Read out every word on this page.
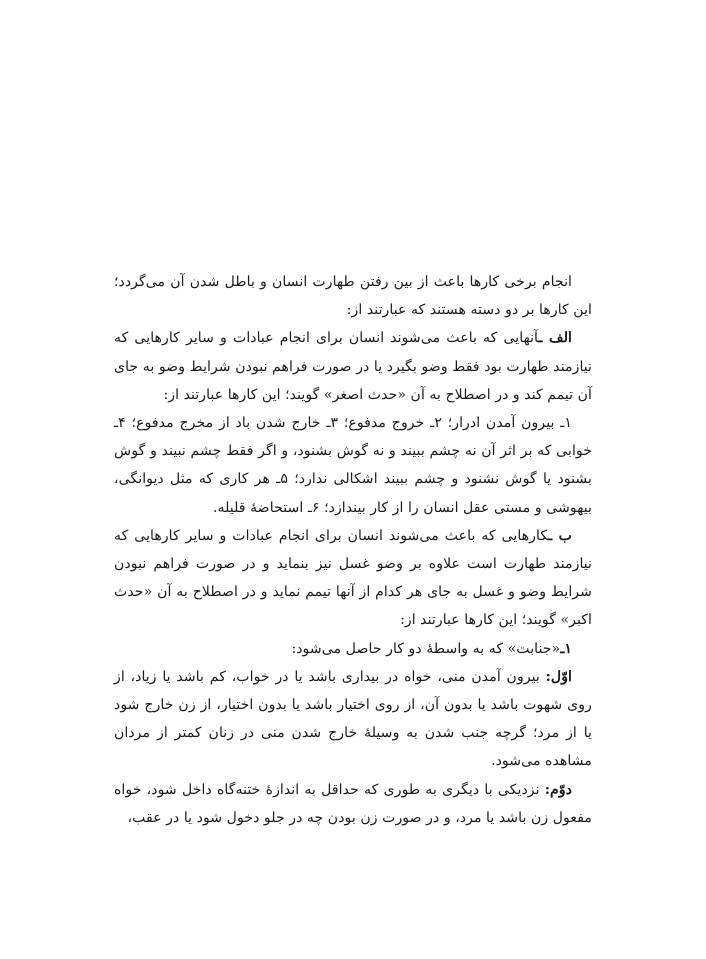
انجام برخی کارها باعث از بین رفتن طهارت انسان و باطل شدن آن می‌گردد؛ این کارها بر دو دسته هستند که عبارتند از:

الف ـآنهایی که باعث می‌شوند انسان برای انجام عبادات و سایر کارهایی که نیازمند طهارت بود فقط وضو بگیرد یا در صورت فراهم نبودن شرایط وضو به جای آن تیمم کند و در اصطلاح به آن «حدث اصغر» گویند؛ این کارها عبارتند از:

۱ـ بیرون آمدن ادرار؛ ۲ـ خروج مدفوع؛ ۳ـ خارج شدن باد از مخرج مدفوع؛ ۴ـ خوابی که بر اثر آن نه چشم ببیند و نه گوش بشنود، و اگر فقط چشم نبیند و گوش بشنود یا گوش نشنود و چشم ببیند اشکالی ندارد؛ ۵ـ هر کاری که مثل دیوانگی، بیهوشی و مستی عقل انسان را از کار بیندازد؛ ۶ـ استحاضهٔ قلیله.

ب ـکارهایی که باعث می‌شوند انسان برای انجام عبادات و سایر کارهایی که نیازمند طهارت است علاوه بر وضو غسل نیز بنماید و در صورت فراهم نبودن شرایط وضو و غسل به جای هر کدام از آنها تیمم نماید و در اصطلاح به آن «حدث اکبر» گویند؛ این کارها عبارتند از:

۱ـ«جنابت» که به واسطهٔ دو کار حاصل می‌شود:

اوّل: بیرون آمدن منی، خواه در بیداری باشد یا در خواب، کم باشد یا زیاد، از روی شهوت باشد یا بدون آن، از روی اختیار باشد یا بدون اختیار، از زن خارج شود یا از مرد؛ گرچه جنب شدن به وسیلهٔ خارج شدن منی در زنان کمتر از مردان مشاهده می‌شود.

دوّم: نزدیکی با دیگری به طوری که حداقل به اندازهٔ ختنه‌گاه داخل شود، خواه مفعول زن باشد یا مرد، و در صورت زن بودن چه در جلو دخول شود یا در عقب،
